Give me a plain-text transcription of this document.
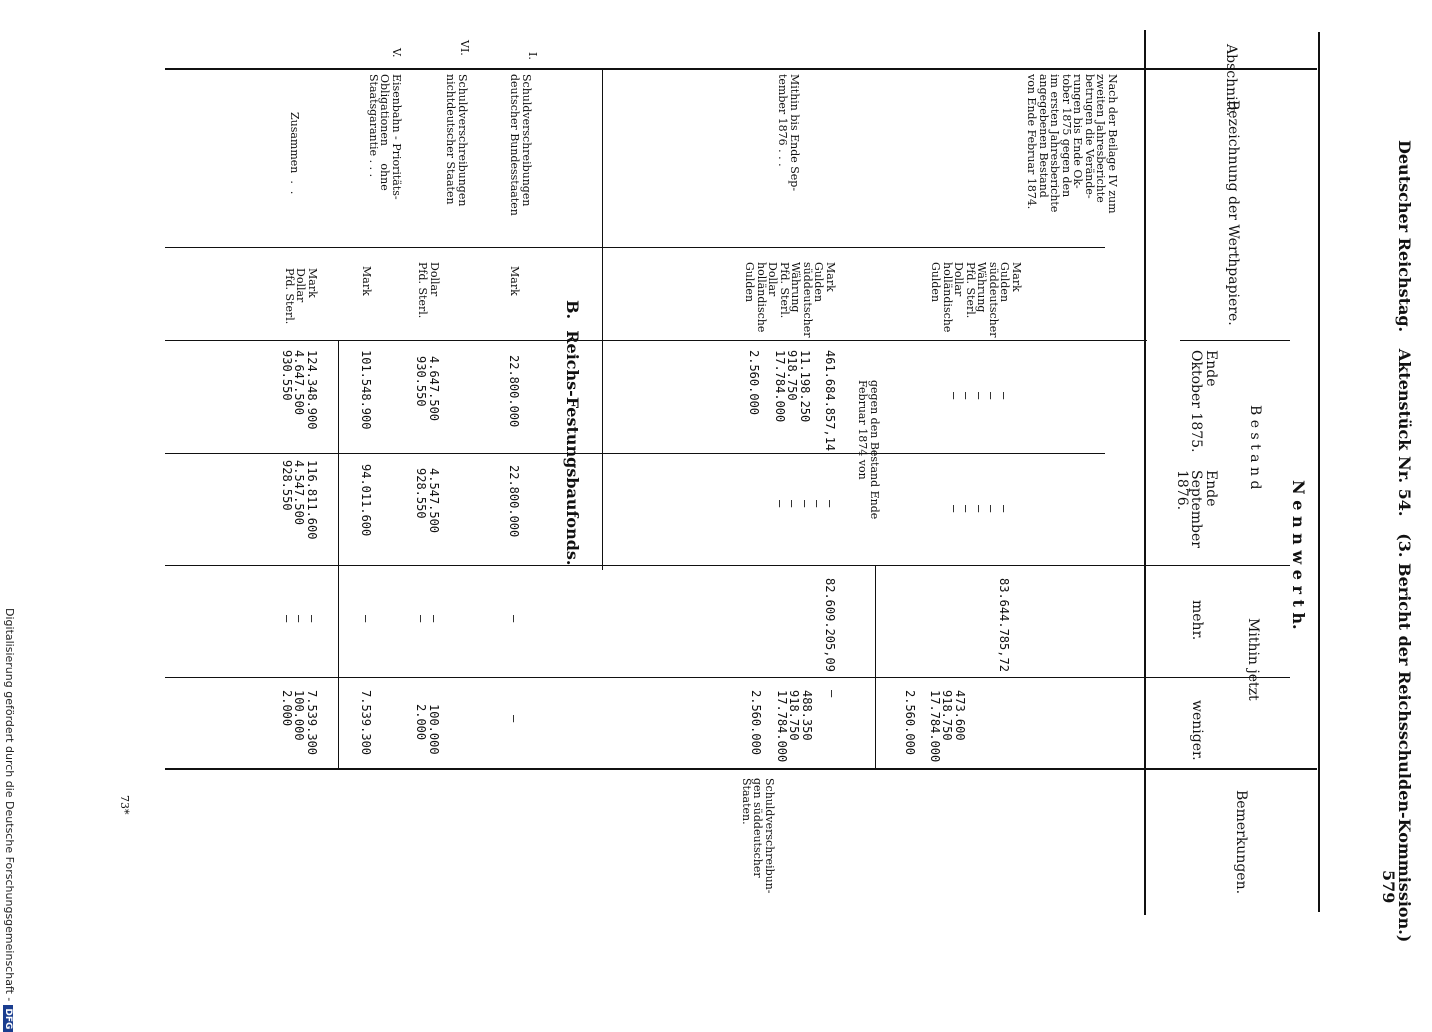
Deutscher Reichstag.   Aktenstück Nr. 54.   (3. Bericht der Reichsschulden-Kommission.)
579
Abschnitt.
Bezeichnung der Werthpapiere.
N e n n w e r t h.
B e s t a n d
Ende
Oktober 1875.
Ende
September
1876.
Mithin jetzt
mehr.
weniger.
Bemerkungen.
Nach der Beilage IV zum
zweiten Jahresberichte
betrugen die Verände-
rungen bis Ende Ok-
tober 1875 gegen den
im ersten Jahresberichte
angegebenen Bestand
von Ende Februar 1874.
Mark
Gulden
süddeutscher
Währung
Pfd. Sterl.
Dollar
holländische
Gulden
gegen den Bestand Ende
Februar 1874 von
—
—
—
—
—
—
—
—
—
—
83.644.785,72
473.600
918.750
17.784.000

2.560.000
Mithin bis Ende Sep-
tember 1876 . . .
Mark
Gulden
süddeutscher
Währung
Pfd. Sterl.
Dollar
holländische
Gulden
461.684.857,14

11.198.250
918.750
17.784.000

2.560.000
—
—
—
—
—
82.609.205,09
—

488.350
918.750
17.784.000

2.560.000
Schuldverschreibun-
gen süddeutscher
Staaten.
B.  Reichs-Festungsbaufonds.
I.
Schuldverschreibungen
deutscher Bundesstaaten
Mark
22.800.000
22.800.000
—
—
VI.
Schuldverschreibungen
nichtdeutscher Staaten
Dollar
Pfd. Sterl.
4.647.500
930.550
4.547.500
928.550
—
—
100.000
2.000
V.
Eisenbahn - Prioritäts-
Obligationen     ohne
Staatsgarantie . . .
Mark
101.548.900
94.011.600
—
7.539.300
Zusammen  .  .
Mark
Dollar
Pfd. Sterl.
124.348.900
4.647.500
930.550
116.811.600
4.547.500
928.550
—
—
—
7.539.300
100.000
2.000
73*
Digitalisierung gefördert durch die Deutsche Forschungsgemeinschaft -DFG
